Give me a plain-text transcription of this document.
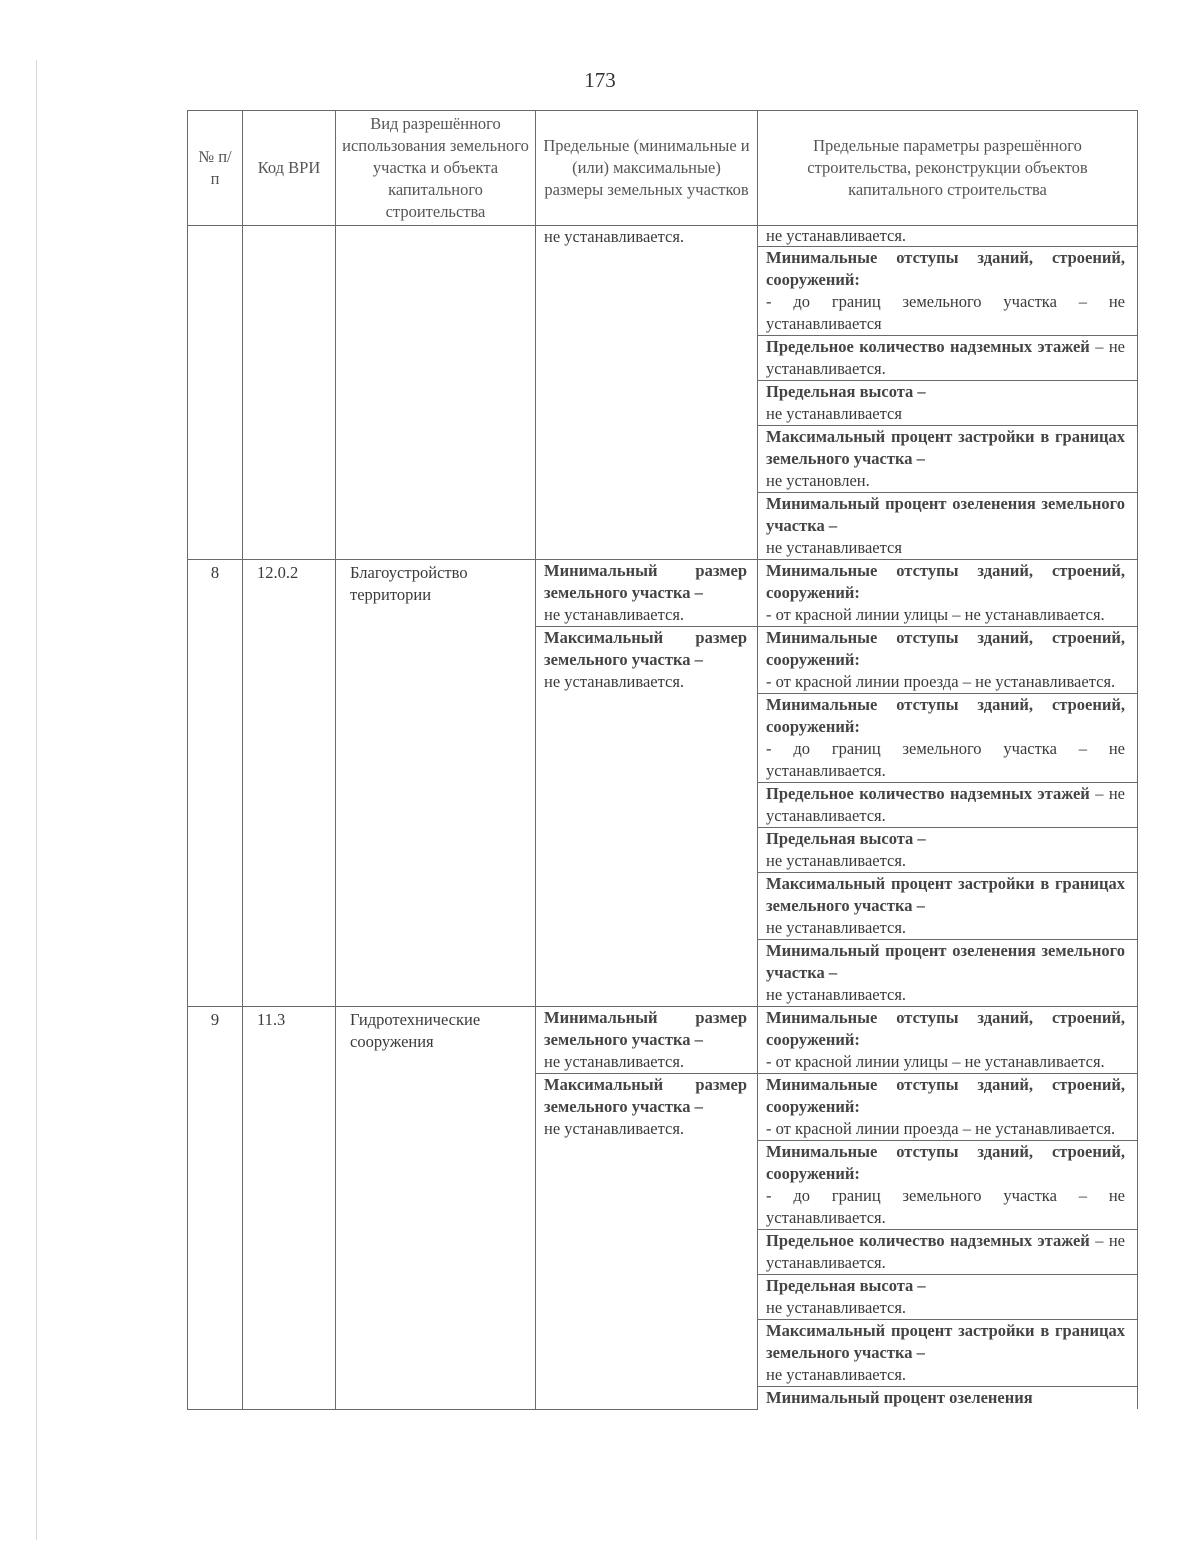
173
№ п/п	Код ВРИ	Вид разрешённого использования земельного участка и объекта капитального строительства	Предельные (минимальные и (или) максимальные) размеры земельных участков	Предельные параметры разрешённого строительства, реконструкции объектов капитального строительства

			не устанавливается.	не устанавливается.

				Минимальные отступы зданий, строений, сооружений:
- до границ земельного участка – не устанавливается

				Предельное количество надземных этажей – не устанавливается.

				Предельная высота –
не устанавливается

				Максимальный процент застройки в границах земельного участка –
не установлен.

				Минимальный процент озеленения земельного участка –
не устанавливается

8	12.0.2	Благоустройство территории	Минимальный размер земельного участка –
не устанавливается.	Минимальные отступы зданий, строений, сооружений:
- от красной линии улицы – не устанавливается.

			Максимальный размер земельного участка –
не устанавливается.	Минимальные отступы зданий, строений, сооружений:
- от красной линии проезда – не устанавливается.

				Минимальные отступы зданий, строений, сооружений:
- до границ земельного участка – не устанавливается.

				Предельное количество надземных этажей – не устанавливается.

				Предельная высота –
не устанавливается.

				Максимальный процент застройки в границах земельного участка –
не устанавливается.

				Минимальный процент озеленения земельного участка –
не устанавливается.

9	11.3	Гидротехнические сооружения	Минимальный размер земельного участка –
не устанавливается.	Минимальные отступы зданий, строений, сооружений:
- от красной линии улицы – не устанавливается.

			Максимальный размер земельного участка –
не устанавливается.	Минимальные отступы зданий, строений, сооружений:
- от красной линии проезда – не устанавливается.

				Минимальные отступы зданий, строений, сооружений:
- до границ земельного участка – не устанавливается.

				Предельное количество надземных этажей – не устанавливается.

				Предельная высота –
не устанавливается.

				Максимальный процент застройки в границах земельного участка –
не устанавливается.

				Минимальный процент озеленения
